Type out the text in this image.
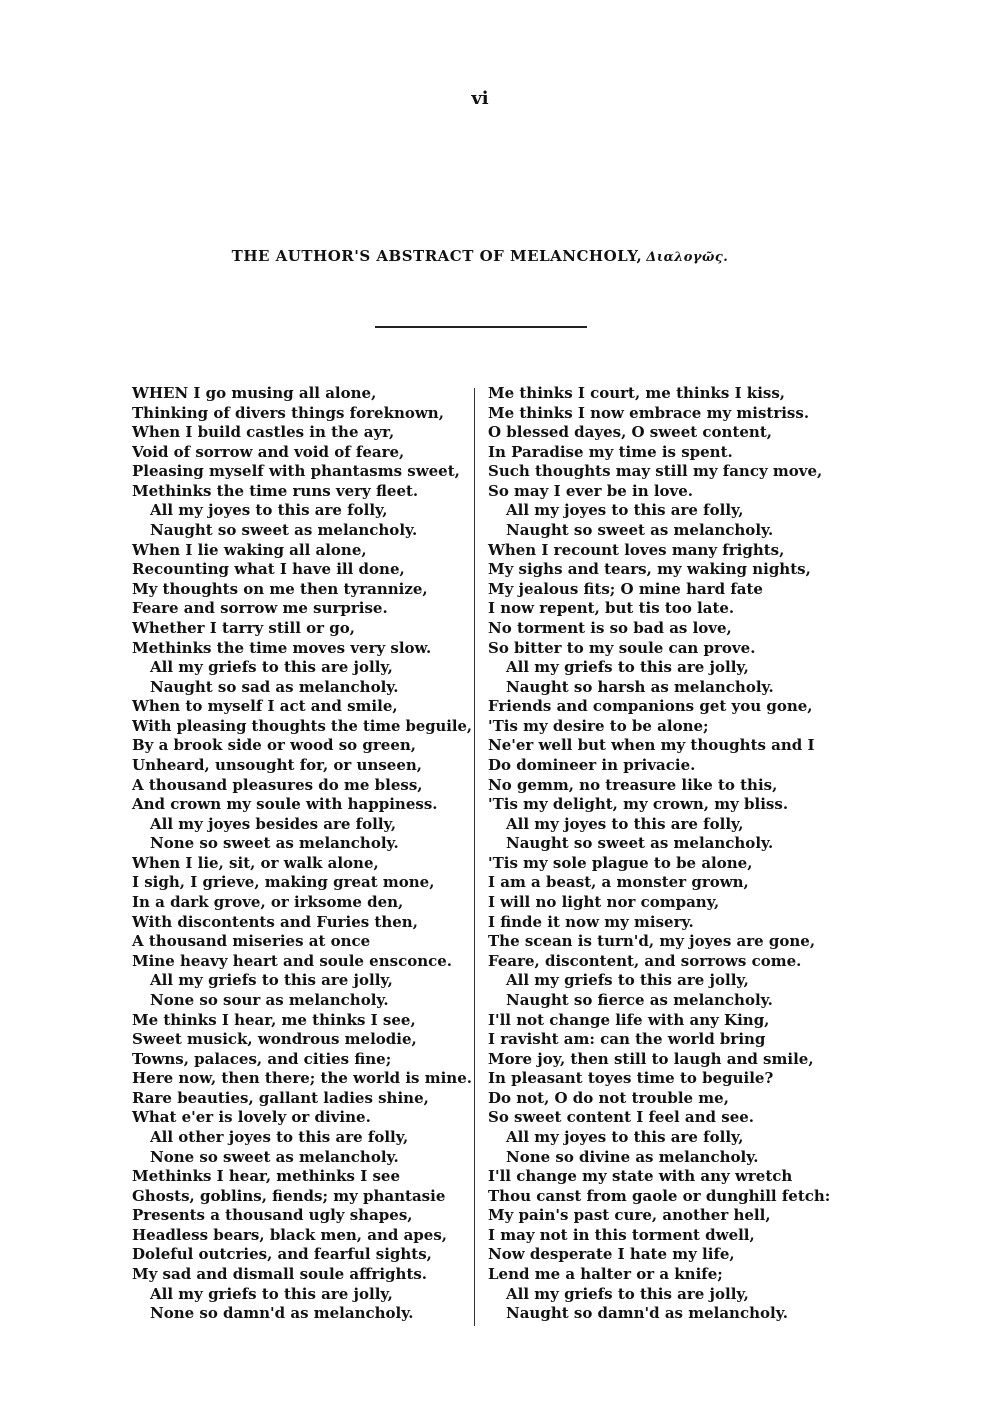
vi
THE AUTHOR'S ABSTRACT OF MELANCHOLY, Διαλογῶς.
WHEN I go musing all alone,
Thinking of divers things foreknown,
When I build castles in the ayr,
Void of sorrow and void of feare,
Pleasing myself with phantasms sweet,
Methinks the time runs very fleet.
All my joyes to this are folly,
Naught so sweet as melancholy.
When I lie waking all alone,
Recounting what I have ill done,
My thoughts on me then tyrannize,
Feare and sorrow me surprise.
Whether I tarry still or go,
Methinks the time moves very slow.
All my griefs to this are jolly,
Naught so sad as melancholy.
When to myself I act and smile,
With pleasing thoughts the time beguile,
By a brook side or wood so green,
Unheard, unsought for, or unseen,
A thousand pleasures do me bless,
And crown my soule with happiness.
All my joyes besides are folly,
None so sweet as melancholy.
When I lie, sit, or walk alone,
I sigh, I grieve, making great mone,
In a dark grove, or irksome den,
With discontents and Furies then,
A thousand miseries at once
Mine heavy heart and soule ensconce.
All my griefs to this are jolly,
None so sour as melancholy.
Me thinks I hear, me thinks I see,
Sweet musick, wondrous melodie,
Towns, palaces, and cities fine;
Here now, then there; the world is mine.
Rare beauties, gallant ladies shine,
What e'er is lovely or divine.
All other joyes to this are folly,
None so sweet as melancholy.
Methinks I hear, methinks I see
Ghosts, goblins, fiends; my phantasie
Presents a thousand ugly shapes,
Headless bears, black men, and apes,
Doleful outcries, and fearful sights,
My sad and dismall soule affrights.
All my griefs to this are jolly,
None so damn'd as melancholy.
Me thinks I court, me thinks I kiss,
Me thinks I now embrace my mistriss.
O blessed dayes, O sweet content,
In Paradise my time is spent.
Such thoughts may still my fancy move,
So may I ever be in love.
All my joyes to this are folly,
Naught so sweet as melancholy.
When I recount loves many frights,
My sighs and tears, my waking nights,
My jealous fits; O mine hard fate
I now repent, but tis too late.
No torment is so bad as love,
So bitter to my soule can prove.
All my griefs to this are jolly,
Naught so harsh as melancholy.
Friends and companions get you gone,
'Tis my desire to be alone;
Ne'er well but when my thoughts and I
Do domineer in privacie.
No gemm, no treasure like to this,
'Tis my delight, my crown, my bliss.
All my joyes to this are folly,
Naught so sweet as melancholy.
'Tis my sole plague to be alone,
I am a beast, a monster grown,
I will no light nor company,
I finde it now my misery.
The scean is turn'd, my joyes are gone,
Feare, discontent, and sorrows come.
All my griefs to this are jolly,
Naught so fierce as melancholy.
I'll not change life with any King,
I ravisht am: can the world bring
More joy, then still to laugh and smile,
In pleasant toyes time to beguile?
Do not, O do not trouble me,
So sweet content I feel and see.
All my joyes to this are folly,
None so divine as melancholy.
I'll change my state with any wretch
Thou canst from gaole or dunghill fetch:
My pain's past cure, another hell,
I may not in this torment dwell,
Now desperate I hate my life,
Lend me a halter or a knife;
All my griefs to this are jolly,
Naught so damn'd as melancholy.
